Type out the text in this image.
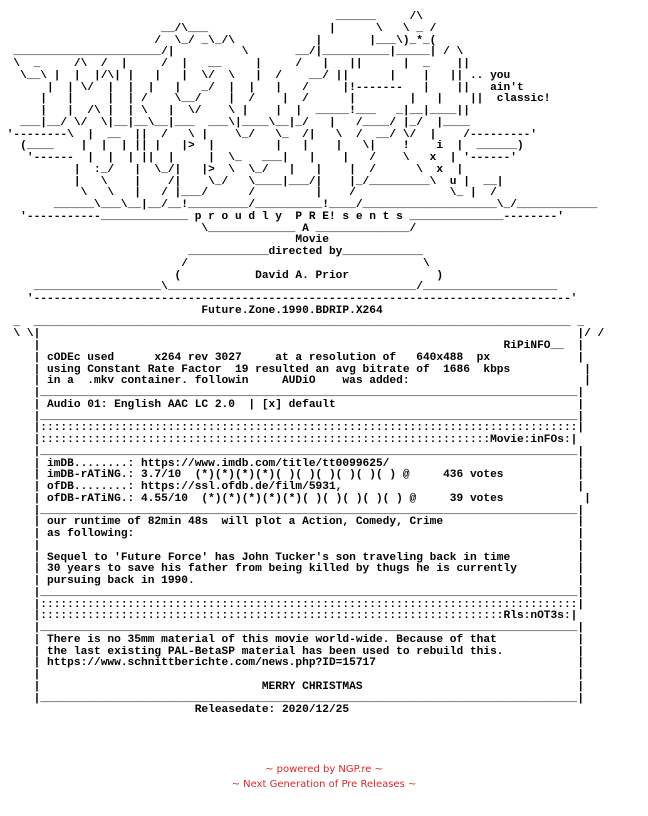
______     /\
__/\___                  |      \   \ _ /
/  \_/ _\_/\            |       |___\)_*_(
______________________/|          \       __/|__________|_____| / \
\  _     /\  /  |     /  |   __     |     /   |   ||      |  _    ||
\__\ |  |  |/\| |   |   |  \/  \   |  /    __/ ||      |    |   || .. you
|  | \/  |  |  |   |   _/  |  |   |   /     |!-------   |    ||   ain't
|   |     |  | /    \__/    |  /    |  /      |        |   |    ||  classic!
|   |  /\ |  | \   |  \/    \ |    |  |  _____!___   _|__|____||
___|__/ \/  \|__|__\__|___  ___\|____\__|_/   |   /____/ |_/  |____
'--------\  |  __  ||  /   \ |    \_/   \_  /|   \  /  __/ \/  |    /---------'
(____    |  |  | || |   |>  |         |   |    |   \|    !    i  |  ______)
'------  |  |  | ||  |     |  \_   ___|   |    |   /    \   x  | '------'
|  :_/   |  \_/|   |>  \  \_/   |   |    |  /      \  x  |
|   \    |    /|    \_/   \____|___/|    |_/_________\  u |  __|
\   \   |   / |___/      /         |    /              \_ |  /
______\___\__|__/__!_________/__________!____/____________________\_/____________
'-----------_____________ p r o u d l y  P R E! s e n t s ______________--------'
\_____________ A ______________/
Movie
____________directed by____________
/                                   \
(           David A. Prior             )
___________________\_____________________________________/____________________
'--------------------------------------------------------------------------------'
Future.Zone.1990.BDRIP.X264
_  ________________________________________________________________________________ _
\ \|                                                                                |/ /
|                                                                     RiPiNFO__  |
| cODEc used      x264 rev 3027     at a resolution of   640x488  px             |
| using Constant Rate Factor  19 resulted an avg bitrate of  1686  kbps           |
| in a  .mkv container. followin     AUDiO    was added:                          |
|________________________________________________________________________________|
| Audio 01: English AAC LC 2.0  | [x] default                                    |
|________________________________________________________________________________|
|::::::::::::::::::::::::::::::::::::::::::::::::::::::::::::::::::::::::::::::::|
|:::::::::::::::::::::::::::::::::::::::::::::::::::::::::::::::::::Movie:inFOs:|
|________________________________________________________________________________|
| imDB........: https://www.imdb.com/title/tt0099625/                            |
| imDB-rATiNG.: 3.7/10  (*)(*)(*)(*)( )( )( )( )( )( ) @     436 votes           |
| ofDB........: https://ssl.ofdb.de/film/5931,                                   |
| ofDB-rATiNG.: 4.55/10  (*)(*)(*)(*)(*)( )( )( )( )( ) @     39 votes            |
|________________________________________________________________________________|
| our runtime of 82min 48s  will plot a Action, Comedy, Crime                    |
| as following:                                                                  |
|                                                                                |
| Sequel to 'Future Force' has John Tucker's son traveling back in time          |
| 30 years to save his father from being killed by thugs he is currently         |
| pursuing back in 1990.                                                         |
|________________________________________________________________________________|
|::::::::::::::::::::::::::::::::::::::::::::::::::::::::::::::::::::::::::::::::|
|:::::::::::::::::::::::::::::::::::::::::::::::::::::::::::::::::::::Rls:nOT3s:|
|________________________________________________________________________________|
| There is no 35mm material of this movie world-wide. Because of that            |
| the last existing PAL-BetaSP material has been used to rebuild this.           |
| https://www.schnittberichte.com/news.php?ID=15717                              |
|                                                                                |
|                                 MERRY CHRISTMAS                                |
|________________________________________________________________________________|
Releasedate: 2020/12/25
~ powered by NGP.re ~
~ Next Generation of Pre Releases ~
